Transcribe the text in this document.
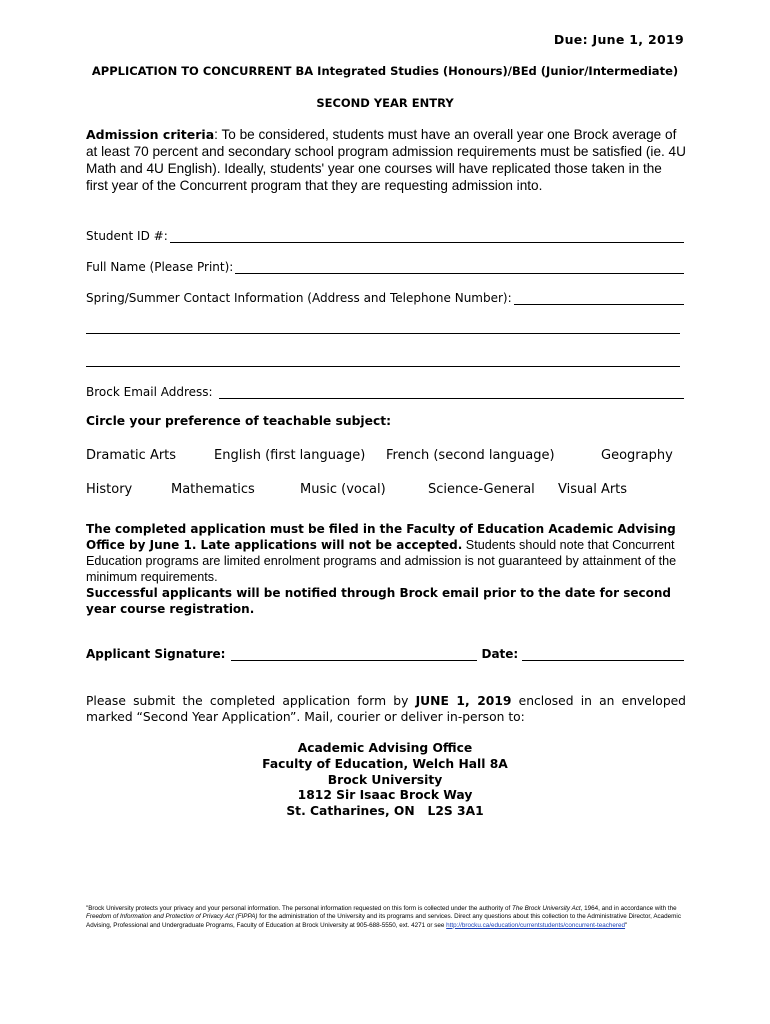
Due: June 1, 2019
APPLICATION TO CONCURRENT BA Integrated Studies (Honours)/BEd (Junior/Intermediate)
SECOND YEAR ENTRY
Admission criteria: To be considered, students must have an overall year one Brock average of at least 70 percent and secondary school program admission requirements must be satisfied (ie. 4U Math and 4U English). Ideally, students' year one courses will have replicated those taken in the first year of the Concurrent program that they are requesting admission into.
Student ID #:
Full Name (Please Print):
Spring/Summer Contact Information (Address and Telephone Number):
Brock Email Address:
Circle your preference of teachable subject:
Dramatic Arts	English (first language) French (second language)	Geography
History	Mathematics	Music (vocal)	Science-General Visual Arts
The completed application must be filed in the Faculty of Education Academic Advising Office by June 1. Late applications will not be accepted. Students should note that Concurrent Education programs are limited enrolment programs and admission is not guaranteed by attainment of the minimum requirements.
Successful applicants will be notified through Brock email prior to the date for second year course registration.
Applicant Signature:	Date:
Please submit the completed application form by JUNE 1, 2019 enclosed in an enveloped marked “Second Year Application”. Mail, courier or deliver in-person to:
Academic Advising Office
Faculty of Education, Welch Hall 8A
Brock University
1812 Sir Isaac Brock Way
St. Catharines, ON   L2S 3A1
"Brock University protects your privacy and your personal information. The personal information requested on this form is collected under the authority of The Brock University Act, 1964, and in accordance with the Freedom of Information and Protection of Privacy Act (FIPPA) for the administration of the University and its programs and services. Direct any questions about this collection to the Administrative Director, Academic Advising, Professional and Undergraduate Programs, Faculty of Education at Brock University at 905-688-5550, ext. 4271 or see http://brocku.ca/education/currentstudents/concurrent-teachered"
